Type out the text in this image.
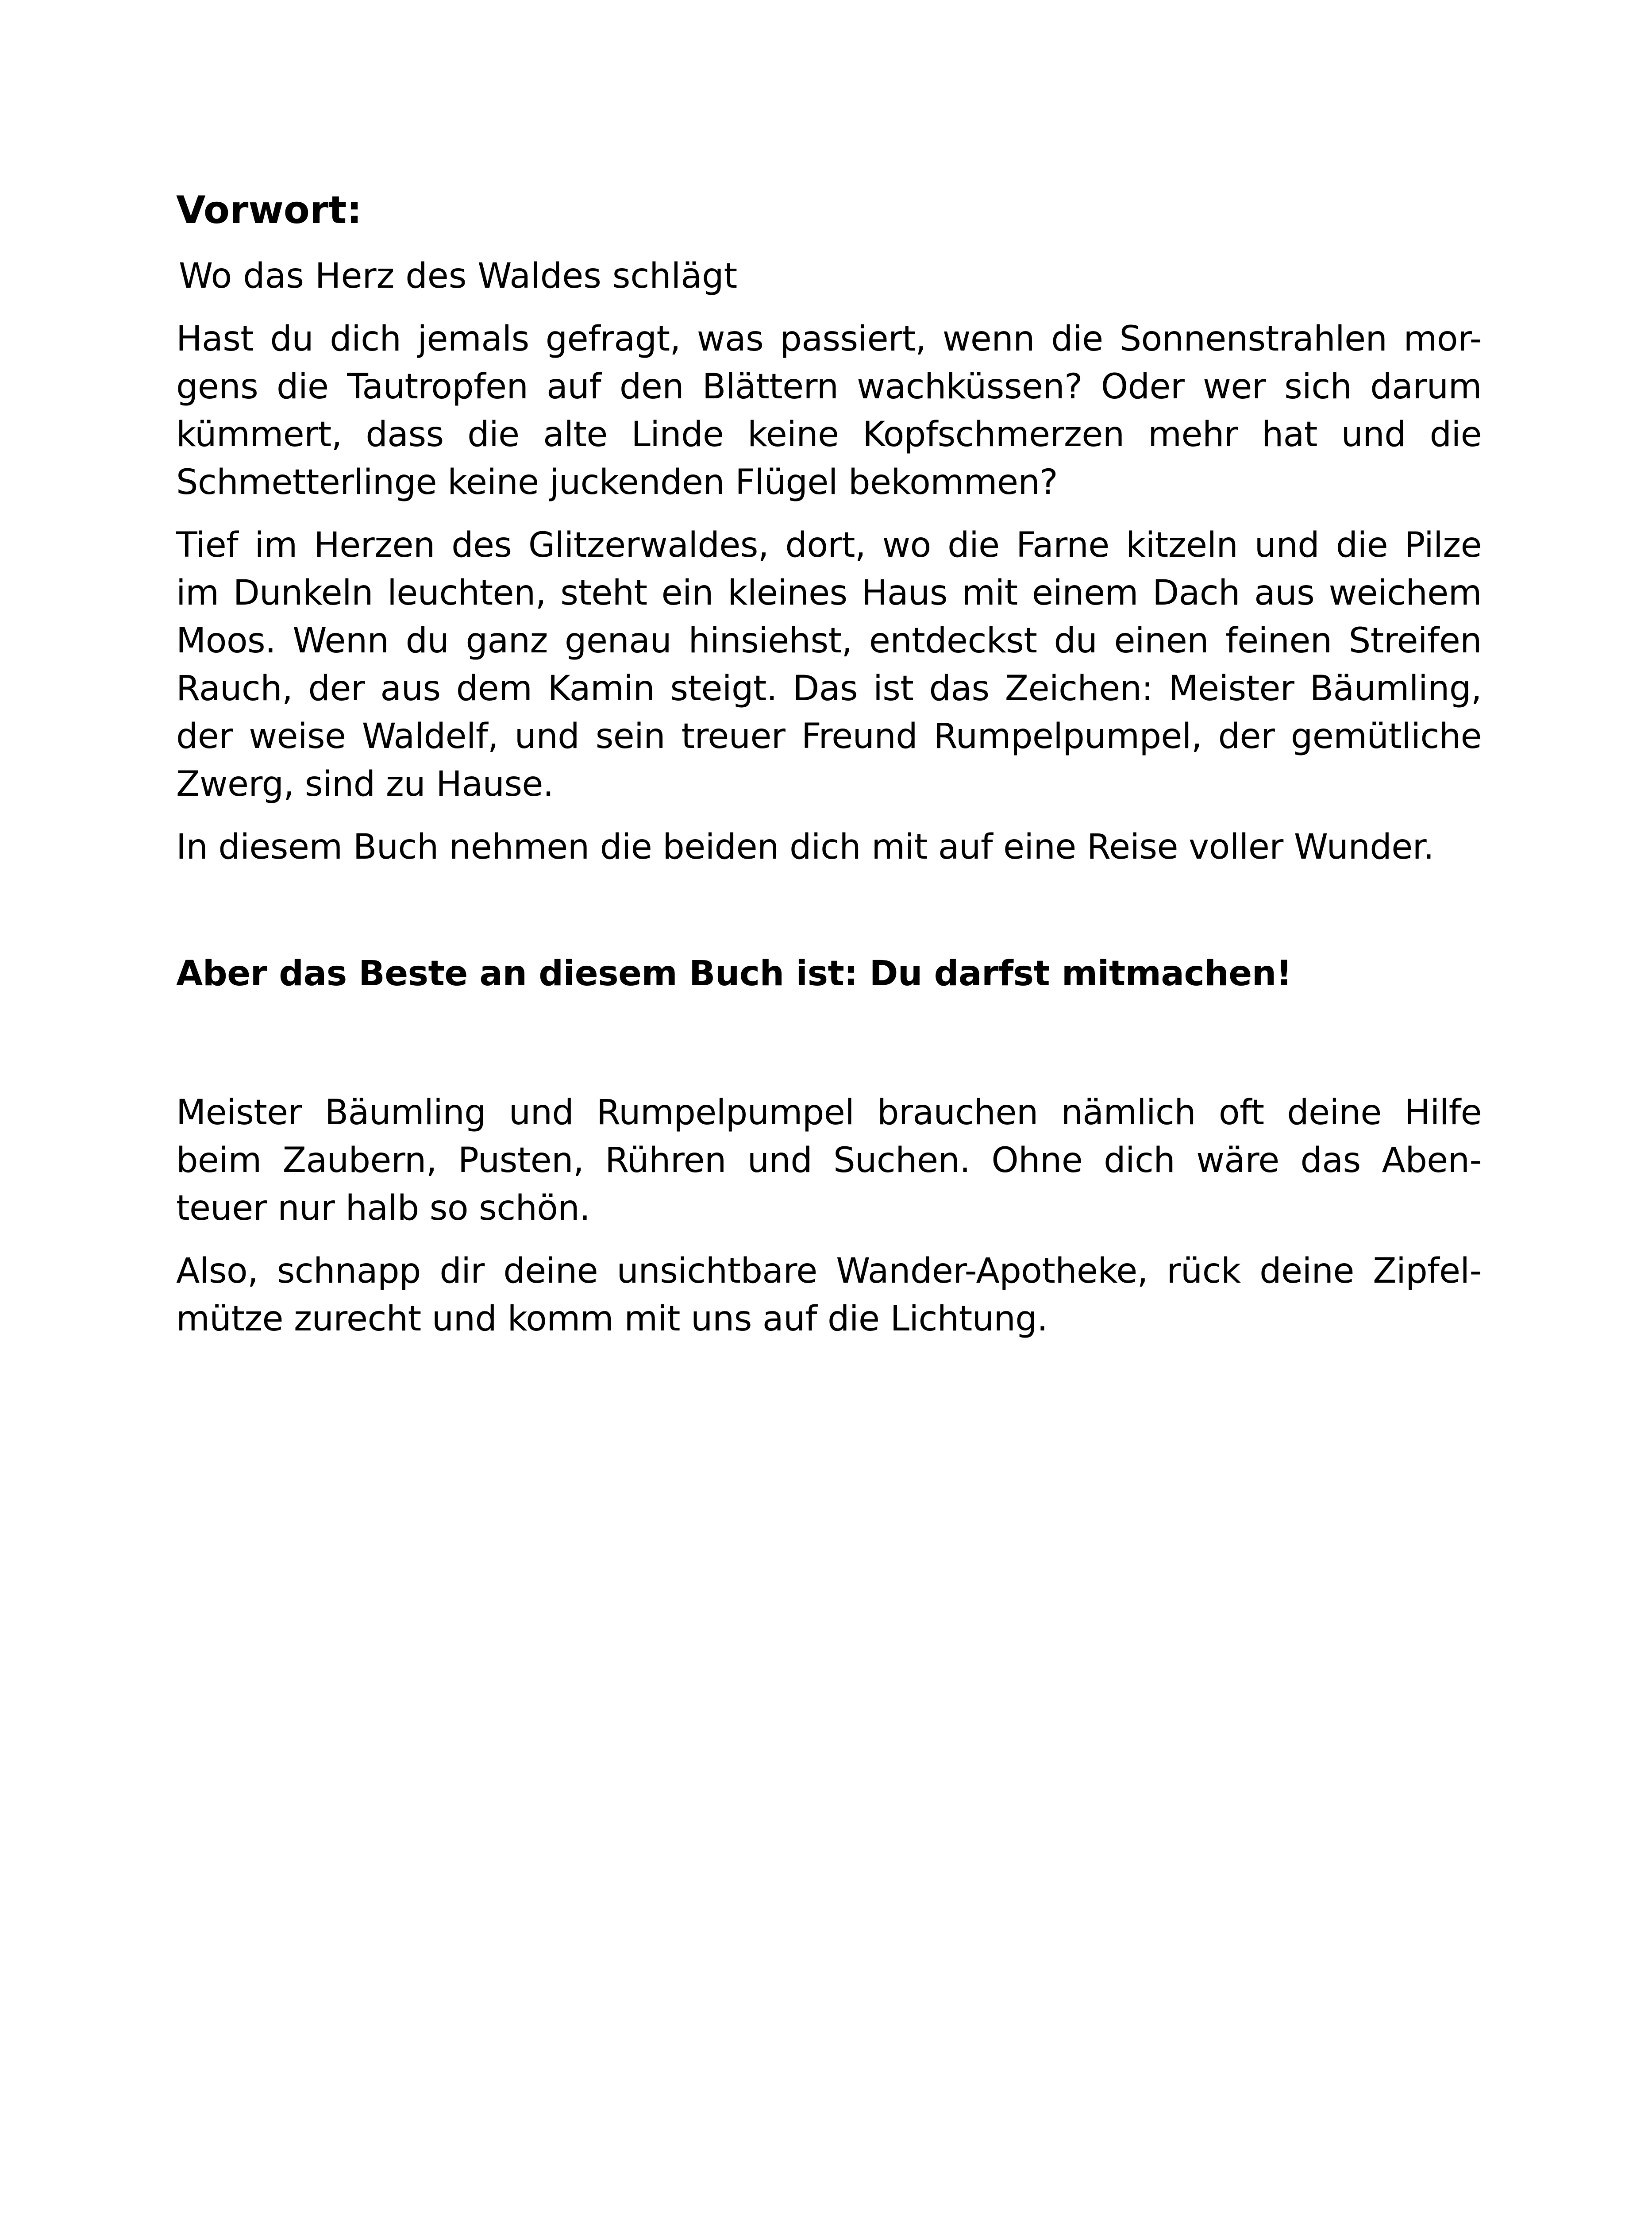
Vorwort:

Wo das Herz des Waldes schlägt

Hast du dich jemals gefragt, was passiert, wenn die Sonnenstrahlen mor-
gens die Tautropfen auf den Blättern wachküssen? Oder wer sich darum
kümmert, dass die alte Linde keine Kopfschmerzen mehr hat und die
Schmetterlinge keine juckenden Flügel bekommen?

Tief im Herzen des Glitzerwaldes, dort, wo die Farne kitzeln und die Pilze
im Dunkeln leuchten, steht ein kleines Haus mit einem Dach aus weichem
Moos. Wenn du ganz genau hinsiehst, entdeckst du einen feinen Streifen
Rauch, der aus dem Kamin steigt. Das ist das Zeichen: Meister Bäumling,
der weise Waldelf, und sein treuer Freund Rumpelpumpel, der gemütliche
Zwerg, sind zu Hause.

In diesem Buch nehmen die beiden dich mit auf eine Reise voller Wunder.

Aber das Beste an diesem Buch ist: Du darfst mitmachen!

Meister Bäumling und Rumpelpumpel brauchen nämlich oft deine Hilfe
beim Zaubern, Pusten, Rühren und Suchen. Ohne dich wäre das Aben-
teuer nur halb so schön.

Also, schnapp dir deine unsichtbare Wander-Apotheke, rück deine Zipfel-
mütze zurecht und komm mit uns auf die Lichtung.
